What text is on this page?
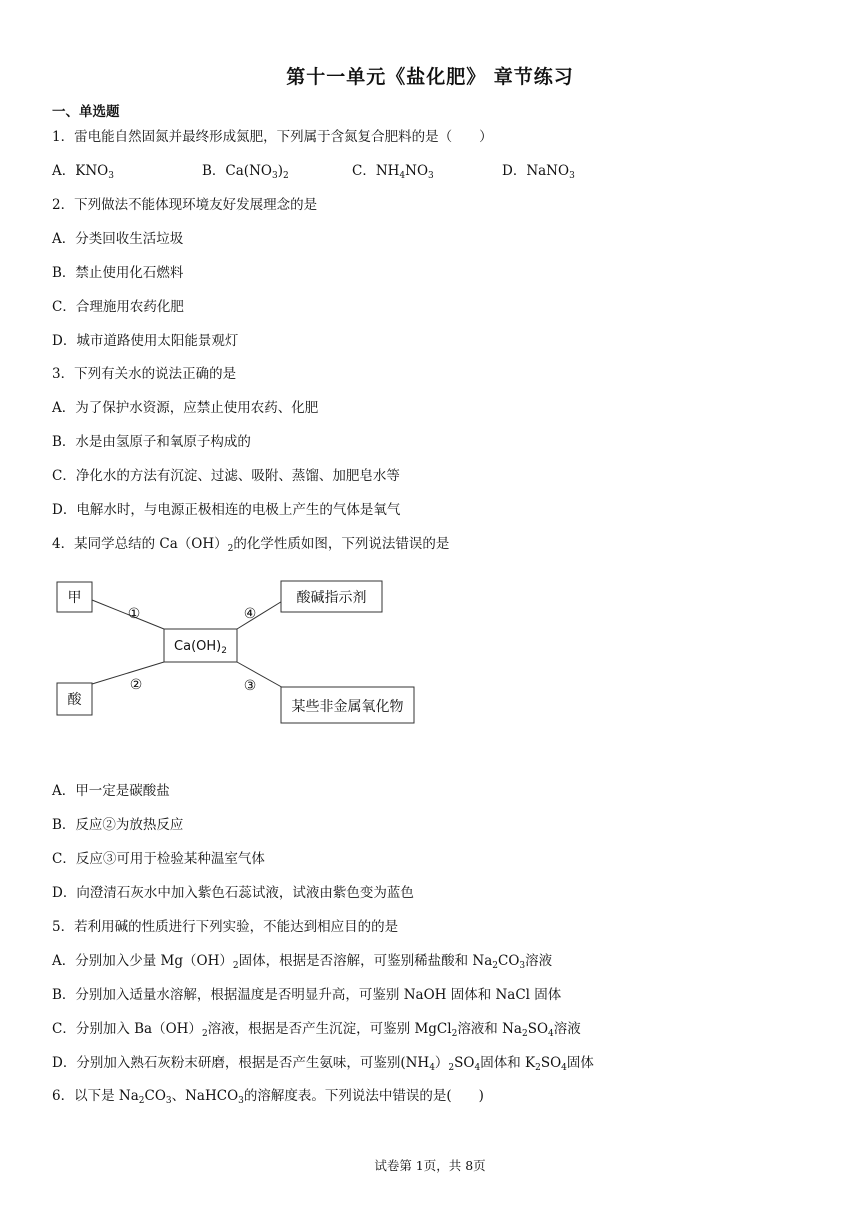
第十一单元《盐化肥》 章节练习
一、单选题
1．雷电能自然固氮并最终形成氮肥，下列属于含氮复合肥料的是（　　）
A．$KNO_3$	B．$Ca(NO_3)_2$	C．$NH_4NO_3$	D．NaNO$_3$
2．下列做法不能体现环境友好发展理念的是
A．分类回收生活垃圾
B．禁止使用化石燃料
C．合理施用农药化肥
D．城市道路使用太阳能景观灯
3．下列有关水的说法正确的是
A．为了保护水资源，应禁止使用农药、化肥
B．水是由氢原子和氧原子构成的
C．净化水的方法有沉淀、过滤、吸附、蒸馏、加肥皂水等
D．电解水时，与电源正极相连的电极上产生的气体是氧气
4．某同学总结的 $Ca(OH)_2$的化学性质如图，下列说法错误的是
甲
酸
酸碱指示剂
某些非金属氧化物
$Ca(OH)_2$
①
②	③
④
A．甲一定是碳酸盐
B．反应②为放热反应
C．反应③可用于检验某种温室气体
D．向澄清石灰水中加入紫色石蕊试液，试液由紫色变为蓝色
5．若利用碱的性质进行下列实验，不能达到相应目的的是
A．分别加入少量 $Mg(OH)_2$固体，根据是否溶解，可鉴别稀盐酸和 $Na_2CO_3$溶液
B．分别加入适量水溶解，根据温度是否明显升高，可鉴别 NaOH 固体和 NaCl 固体
C．分别加入 $Ba(OH)_2$溶液，根据是否产生沉淀，可鉴别 MgCl$_2$溶液和 $Na_2SO_4$溶液
D．分别加入熟石灰粉末研磨，根据是否产生氨味，可鉴别$(NH_4)_2SO_4$固体和 $K_2SO_4$固体
6．以下是 $Na_2CO_3$、NaHCO$_3$的溶解度表。下列说法中错误的是(　　)
试卷第 1页，共 8页
